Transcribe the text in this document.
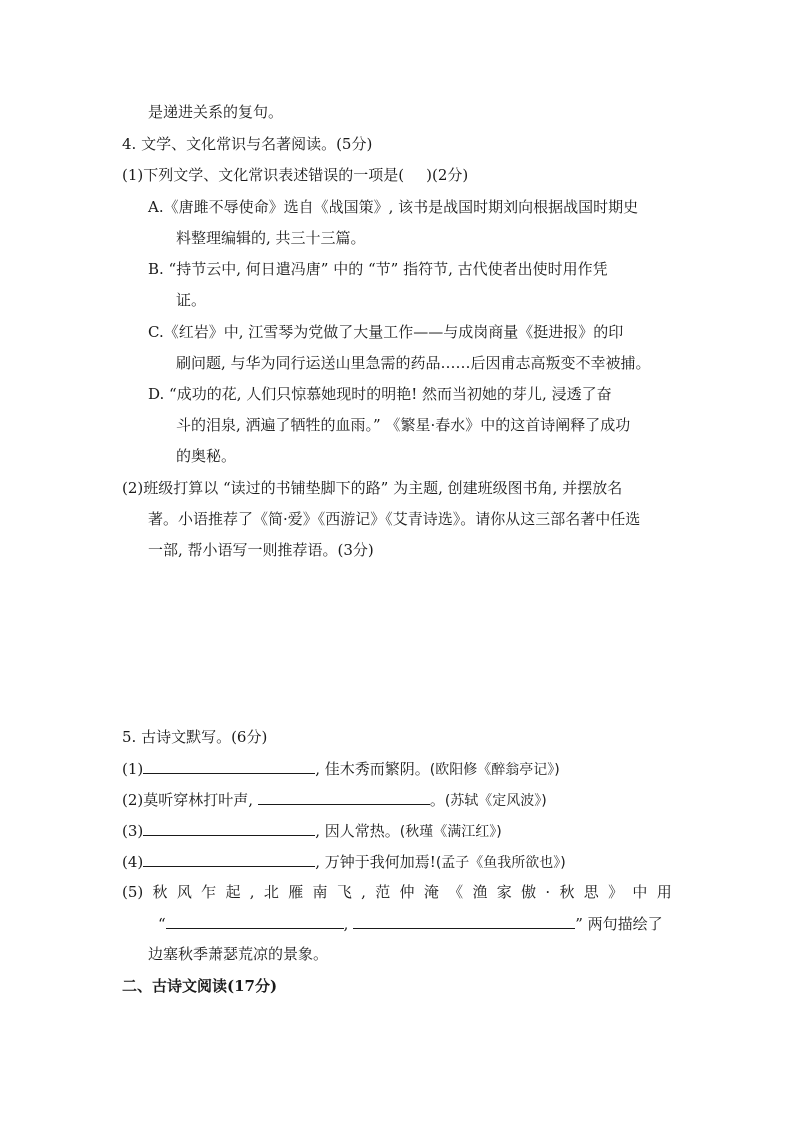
是递进关系的复句。
4. 文学、文化常识与名著阅读。(5分)
(1)下列文学、文化常识表述错误的一项是( )(2分)
A.《唐雎不辱使命》选自《战国策》, 该书是战国时期刘向根据战国时期史
料整理编辑的, 共三十三篇。
B. “持节云中, 何日遣冯唐” 中的 “节” 指符节, 古代使者出使时用作凭
证。
C.《红岩》中, 江雪琴为党做了大量工作——与成岗商量《挺进报》的印
刷问题, 与华为同行运送山里急需的药品……后因甫志高叛变不幸被捕。
D. “成功的花, 人们只惊慕她现时的明艳! 然而当初她的芽儿, 浸透了奋
斗的泪泉, 洒遍了牺牲的血雨。” 《繁星·春水》中的这首诗阐释了成功
的奥秘。
(2)班级打算以 “读过的书铺垫脚下的路” 为主题, 创建班级图书角, 并摆放名
著。小语推荐了《简·爱》《西游记》《艾青诗选》。请你从这三部名著中任选
一部, 帮小语写一则推荐语。(3分)
5. 古诗文默写。(6分)
(1)	, 佳木秀而繁阴。(欧阳修《醉翁亭记》)
(2)莫听穿林打叶声,	。(苏轼《定风波》)
(3)	, 因人常热。(秋瑾《满江红》)
(4)	, 万钟于我何加焉!(孟子《鱼我所欲也》)
(5) 秋 风 乍 起 , 北 雁 南 飞 , 范 仲 淹 《 渔 家 傲 · 秋 思 》 中 用
“	,	” 两句描绘了
边塞秋季萧瑟荒凉的景象。
二、古诗文阅读(17分)
